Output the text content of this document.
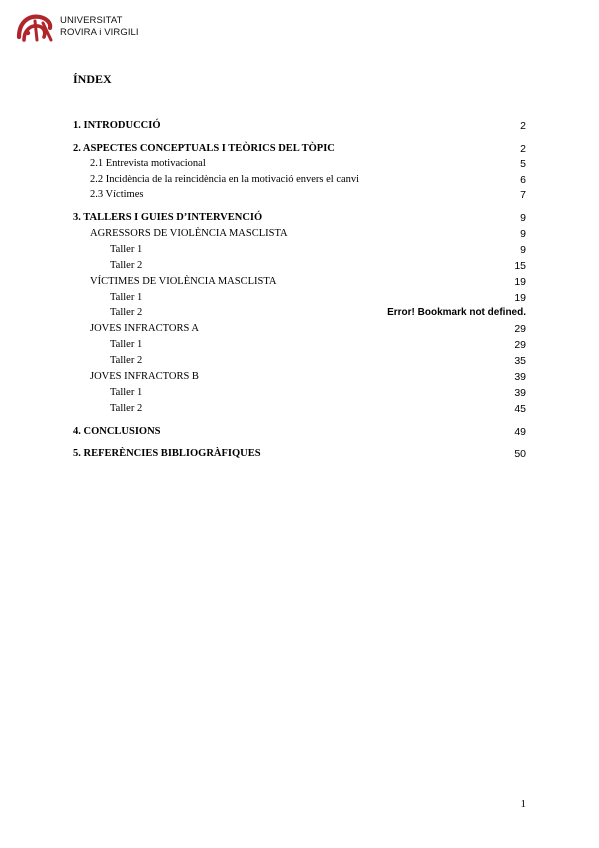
UNIVERSITAT
ROVIRA i VIRGILI
ÍNDEX
1. INTRODUCCIÓ	2
2. ASPECTES CONCEPTUALS I TEÒRICS DEL TÒPIC	2
2.1 Entrevista motivacional	5
2.2 Incidència de la reincidència en la motivació envers el canvi	6
2.3 Víctimes	7
3. TALLERS I GUIES D’INTERVENCIÓ	9
AGRESSORS DE VIOLÈNCIA MASCLISTA	9
Taller 1	9
Taller 2	15
VÍCTIMES DE VIOLÈNCIA MASCLISTA	19
Taller 1	19
Taller 2	Error! Bookmark not defined.
JOVES INFRACTORS A	29
Taller 1	29
Taller 2	35
JOVES INFRACTORS B	39
Taller 1	39
Taller 2	45
4. CONCLUSIONS	49
5. REFERÈNCIES BIBLIOGRÀFIQUES	50
1
